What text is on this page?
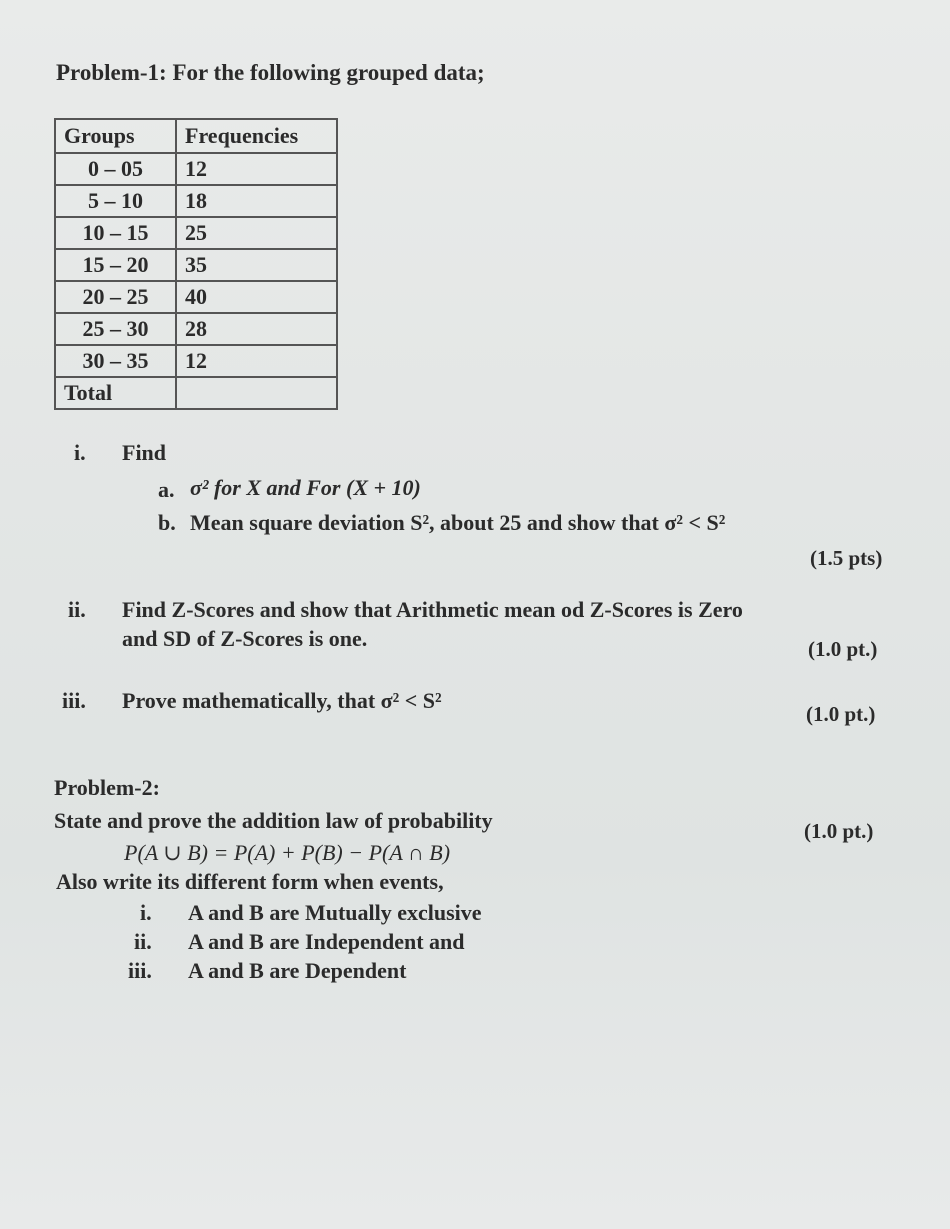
Problem-1: For the following grouped data;
Groups	Frequencies
0 – 05	12
5 – 10	18
10 – 15	25
15 – 20	35
20 – 25	40
25 – 30	28
30 – 35	12
Total	
i. Find
a. σ² for X and For (X + 10)
b. Mean square deviation S², about 25 and show that σ² < S²
(1.5 pts)
ii. Find Z-Scores and show that Arithmetic mean od Z-Scores is Zero
and SD of Z-Scores is one.	(1.0 pt.)
iii. Prove mathematically, that σ² < S²
(1.0 pt.)
Problem-2:
State and prove the addition law of probability	(1.0 pt.)
P(A ∪ B) = P(A) + P(B) − P(A ∩ B)
Also write its different form when events,
i. A and B are Mutually exclusive
ii. A and B are Independent and
iii. A and B are Dependent
